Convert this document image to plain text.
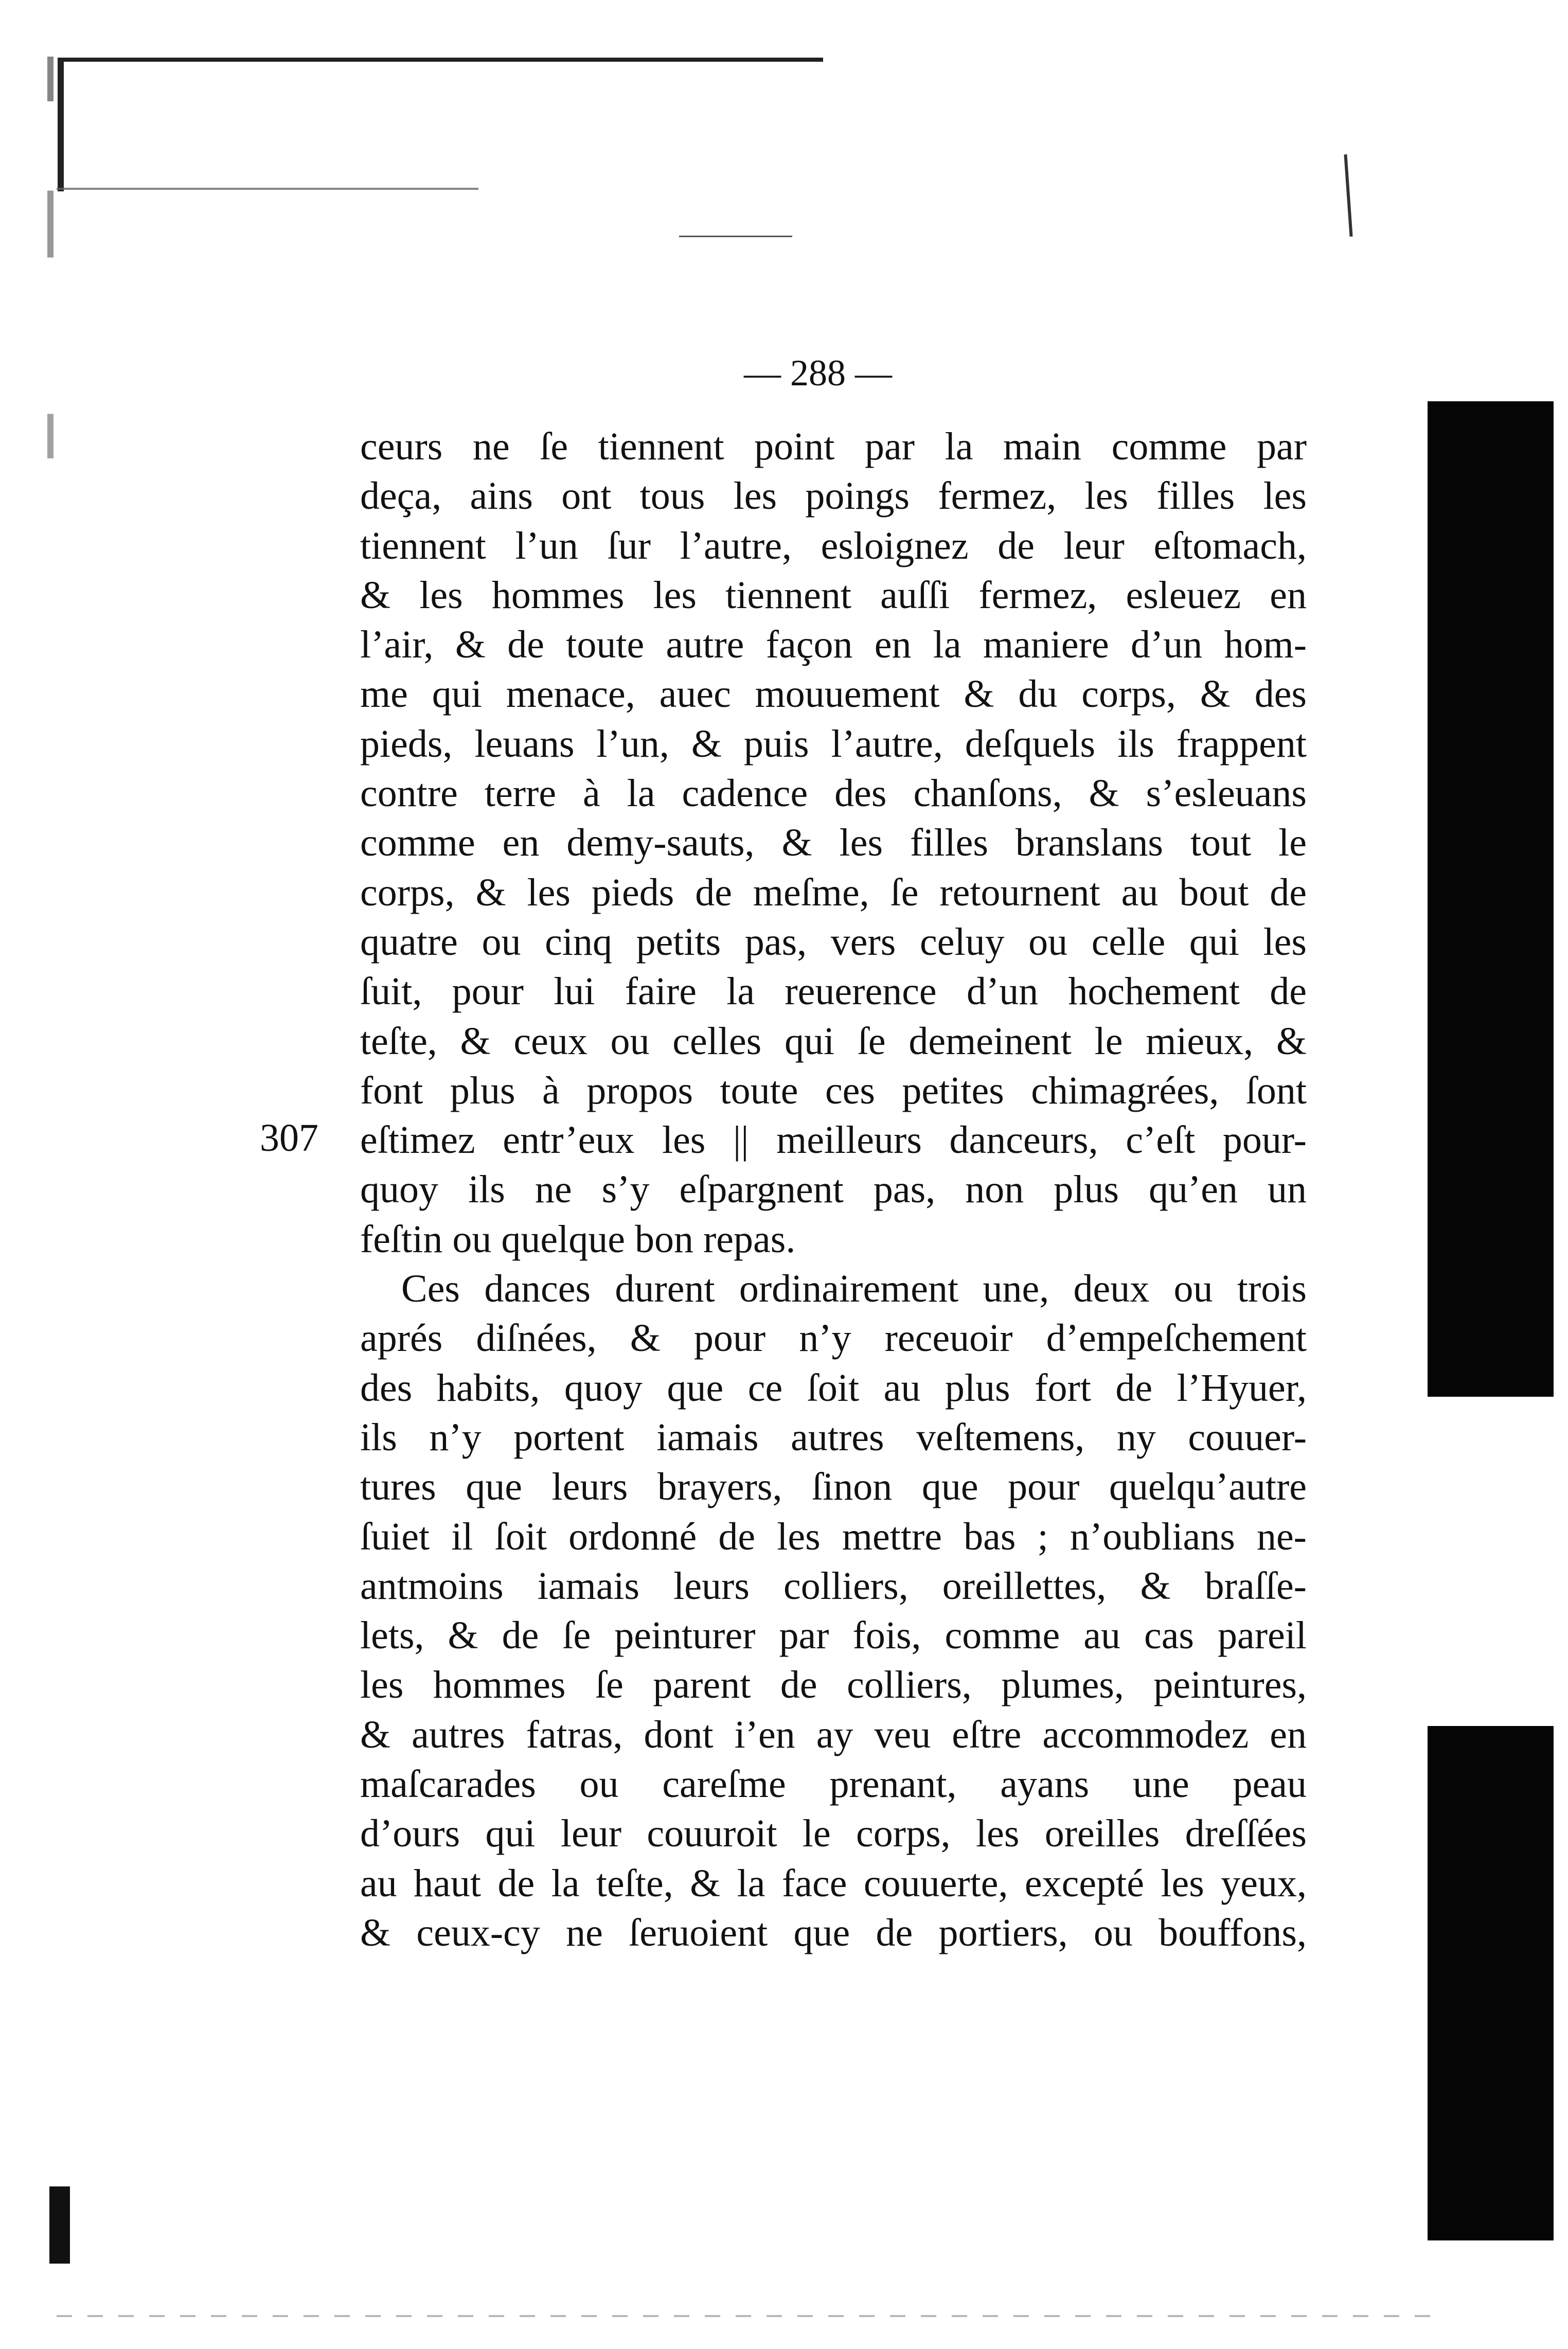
— 288 —
307
ceurs ne ſe tiennent point par la main comme par
deça, ains ont tous les poings fermez, les filles les
tiennent l’un ſur l’autre, esloignez de leur eſtomach,
& les hommes les tiennent auſſi fermez, esleuez en
l’air, & de toute autre façon en la maniere d’un hom-
me qui menace, auec mouuement & du corps, & des
pieds, leuans l’un, & puis l’autre, deſquels ils frappent
contre terre à la cadence des chanſons, & s’esleuans
comme en demy-sauts, & les filles branslans tout le
corps, & les pieds de meſme, ſe retournent au bout de
quatre ou cinq petits pas, vers celuy ou celle qui les
ſuit, pour lui faire la reuerence d’un hochement de
teſte, & ceux ou celles qui ſe demeinent le mieux, &
font plus à propos toute ces petites chimagrées, ſont
eſtimez entr’eux les || meilleurs danceurs, c’eſt pour-
quoy ils ne s’y eſpargnent pas, non plus qu’en un
feſtin ou quelque bon repas.
Ces dances durent ordinairement une, deux ou trois
aprés diſnées, & pour n’y receuoir d’empeſchement
des habits, quoy que ce ſoit au plus fort de l’Hyuer,
ils n’y portent iamais autres veſtemens, ny couuer-
tures que leurs brayers, ſinon que pour quelqu’autre
ſuiet il ſoit ordonné de les mettre bas ; n’oublians ne-
antmoins iamais leurs colliers, oreillettes, & braſſe-
lets, & de ſe peinturer par fois, comme au cas pareil
les hommes ſe parent de colliers, plumes, peintures,
& autres fatras, dont i’en ay veu eſtre accommodez en
maſcarades ou careſme prenant, ayans une peau
d’ours qui leur couuroit le corps, les oreilles dreſſées
au haut de la teſte, & la face couuerte, excepté les yeux,
& ceux-cy ne ſeruoient que de portiers, ou bouffons,
